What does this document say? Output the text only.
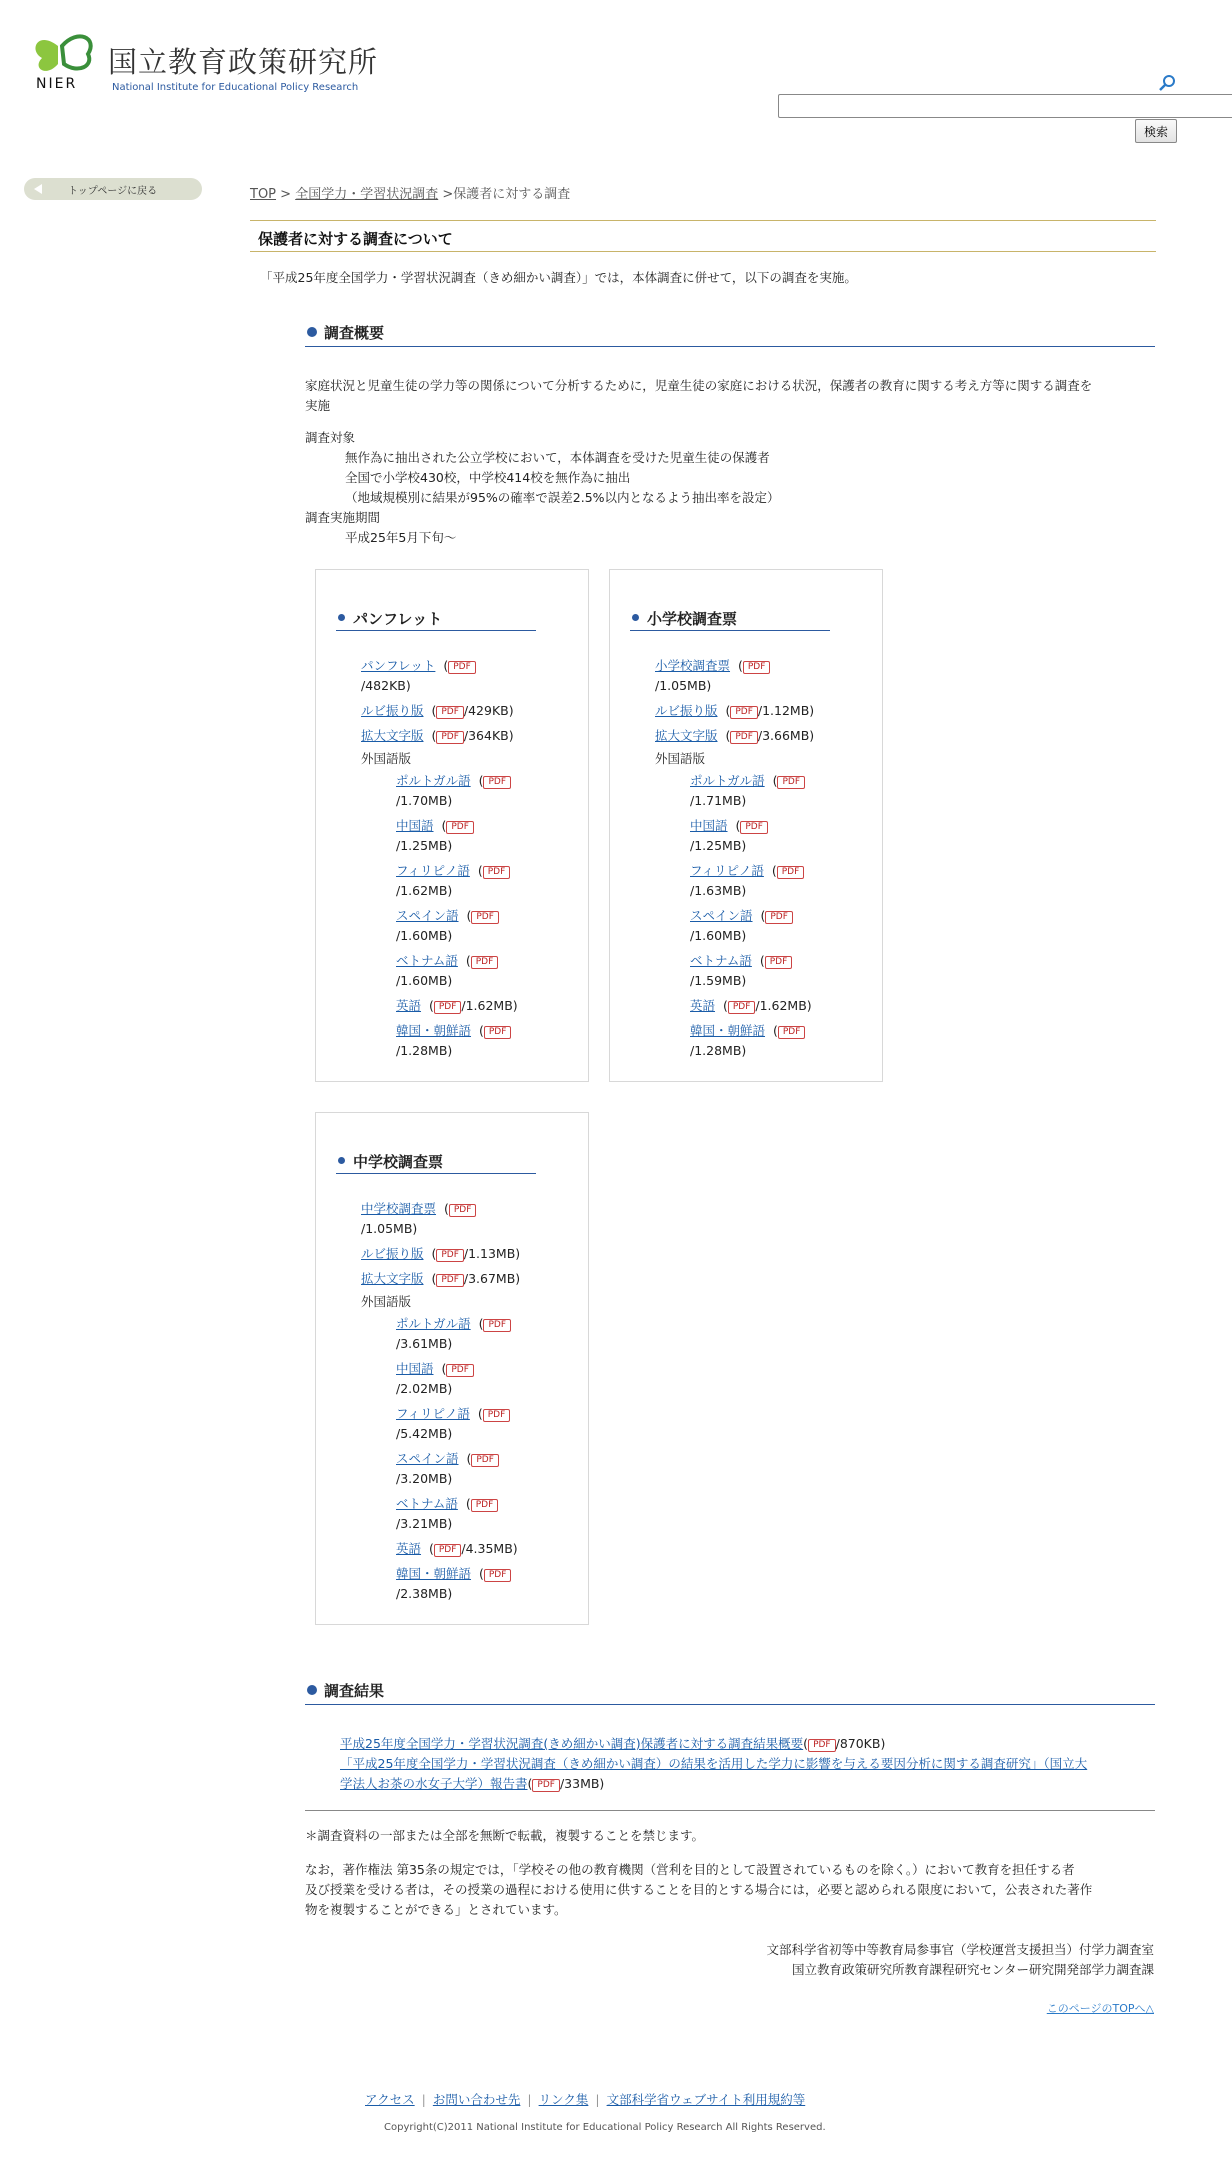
NIER
国立教育政策研究所
National Institute for Educational Policy Research
検索
トップページに戻る	TOP > 全国学力・学習状況調査 >保護者に対する調査
保護者に対する調査について
「平成25年度全国学力・学習状況調査（きめ細かい調査）」では，本体調査に併せて，以下の調査を実施。
調査概要
家庭状況と児童生徒の学力等の関係について分析するために，児童生徒の家庭における状況，保護者の教育に関する考え方等に関する調査を
実施
調査対象
無作為に抽出された公立学校において，本体調査を受けた児童生徒の保護者
全国で小学校430校，中学校414校を無作為に抽出
（地域規模別に結果が95%の確率で誤差2.5%以内となるよう抽出率を設定）
調査実施期間
平成25年5月下旬〜
パンフレット
パンフレット  ( PDF
/482KB)
ルビ振り版  ( PDF /429KB)
拡大文字版  ( PDF /364KB)
外国語版
ポルトガル語  ( PDF
/1.70MB)
中国語  ( PDF
/1.25MB)
フィリピノ語  ( PDF
/1.62MB)
スペイン語  ( PDF
/1.60MB)
ベトナム語  ( PDF
/1.60MB)
英語  ( PDF /1.62MB)
韓国・朝鮮語  ( PDF
/1.28MB)
小学校調査票
小学校調査票  ( PDF
/1.05MB)
ルビ振り版  ( PDF /1.12MB)
拡大文字版  ( PDF /3.66MB)
外国語版
ポルトガル語  ( PDF
/1.71MB)
中国語  ( PDF
/1.25MB)
フィリピノ語  ( PDF
/1.63MB)
スペイン語  ( PDF
/1.60MB)
ベトナム語  ( PDF
/1.59MB)
英語  ( PDF /1.62MB)
韓国・朝鮮語  ( PDF
/1.28MB)
中学校調査票
中学校調査票  ( PDF
/1.05MB)
ルビ振り版  ( PDF /1.13MB)
拡大文字版  ( PDF /3.67MB)
外国語版
ポルトガル語  ( PDF
/3.61MB)
中国語  ( PDF
/2.02MB)
フィリピノ語  ( PDF
/5.42MB)
スペイン語  ( PDF
/3.20MB)
ベトナム語  ( PDF
/3.21MB)
英語  ( PDF /4.35MB)
韓国・朝鮮語  ( PDF
/2.38MB)
調査結果
平成25年度全国学力・学習状況調査(きめ細かい調査)保護者に対する調査結果概要( PDF /870KB)
「平成25年度全国学力・学習状況調査（きめ細かい調査）の結果を活用した学力に影響を与える要因分析に関する調査研究」（国立大
学法人お茶の水女子大学）報告書( PDF /33MB)
＊調査資料の一部または全部を無断で転載，複製することを禁じます。
なお，著作権法 第35条の規定では，「学校その他の教育機関（営利を目的として設置されているものを除く。）において教育を担任する者
及び授業を受ける者は，その授業の過程における使用に供することを目的とする場合には，必要と認められる限度において，公表された著作
物を複製することができる」とされています。
文部科学省初等中等教育局参事官（学校運営支援担当）付学力調査室
国立教育政策研究所教育課程研究センター研究開発部学力調査課
このページのTOPへ△
アクセス | お問い合わせ先 | リンク集 | 文部科学省ウェブサイト利用規約等
Copyright(C)2011 National Institute for Educational Policy Research All Rights Reserved.
